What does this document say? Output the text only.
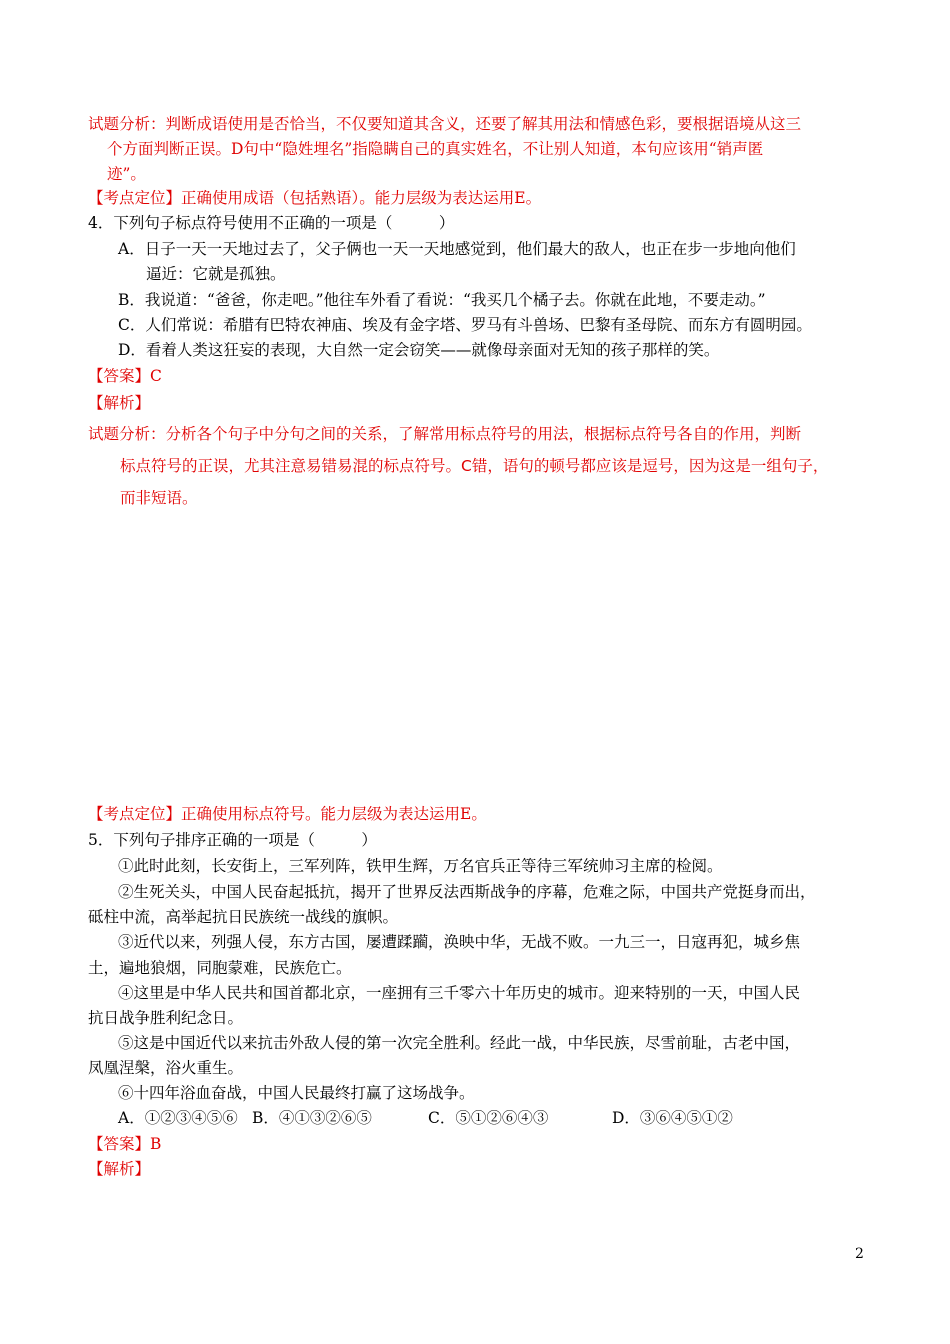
试题分析：判断成语使用是否恰当，不仅要知道其含义，还要了解其用法和情感色彩，要根据语境从这三
个方面判断正误。D句中“隐姓埋名”指隐瞒自己的真实姓名，不让别人知道，本句应该用“销声匿
迹”。
【考点定位】正确使用成语（包括熟语）。能力层级为表达运用E。
4．下列句子标点符号使用不正确的一项是（　　　）
A．日子一天一天地过去了，父子俩也一天一天地感觉到，他们最大的敌人，也正在步一步地向他们
逼近：它就是孤独。
B．我说道：“爸爸，你走吧。”他往车外看了看说：“我买几个橘子去。你就在此地，不要走动。”
C．人们常说：希腊有巴特农神庙、埃及有金字塔、罗马有斗兽场、巴黎有圣母院、而东方有圆明园。
D．看着人类这狂妄的表现，大自然一定会窃笑——就像母亲面对无知的孩子那样的笑。
【答案】C
【解析】
试题分析：分析各个句子中分句之间的关系，了解常用标点符号的用法，根据标点符号各自的作用，判断
标点符号的正误，尤其注意易错易混的标点符号。C错，语句的顿号都应该是逗号，因为这是一组句子，
而非短语。
【考点定位】正确使用标点符号。能力层级为表达运用E。
5．下列句子排序正确的一项是（　　　）
①此时此刻，长安街上，三军列阵，铁甲生辉，万名官兵正等待三军统帅习主席的检阅。
②生死关头，中国人民奋起抵抗，揭开了世界反法西斯战争的序幕，危难之际，中国共产党挺身而出，
砥柱中流，高举起抗日民族统一战线的旗帜。
③近代以来，列强人侵，东方古国，屡遭蹂躏，涣映中华，无战不败。一九三一，日寇再犯，城乡焦
土，遍地狼烟，同胞蒙难，民族危亡。
④这里是中华人民共和国首都北京，一座拥有三千零六十年历史的城市。迎来特别的一天，中国人民
抗日战争胜利纪念日。
⑤这是中国近代以来抗击外敌人侵的第一次完全胜利。经此一战，中华民族，尽雪前耻，古老中国，
凤凰涅槃，浴火重生。
⑥十四年浴血奋战，中国人民最终打赢了这场战争。
A．①②③④⑤⑥ B．④①③②⑥⑤	C．⑤①②⑥④③	D．③⑥④⑤①②
【答案】B
【解析】
2
